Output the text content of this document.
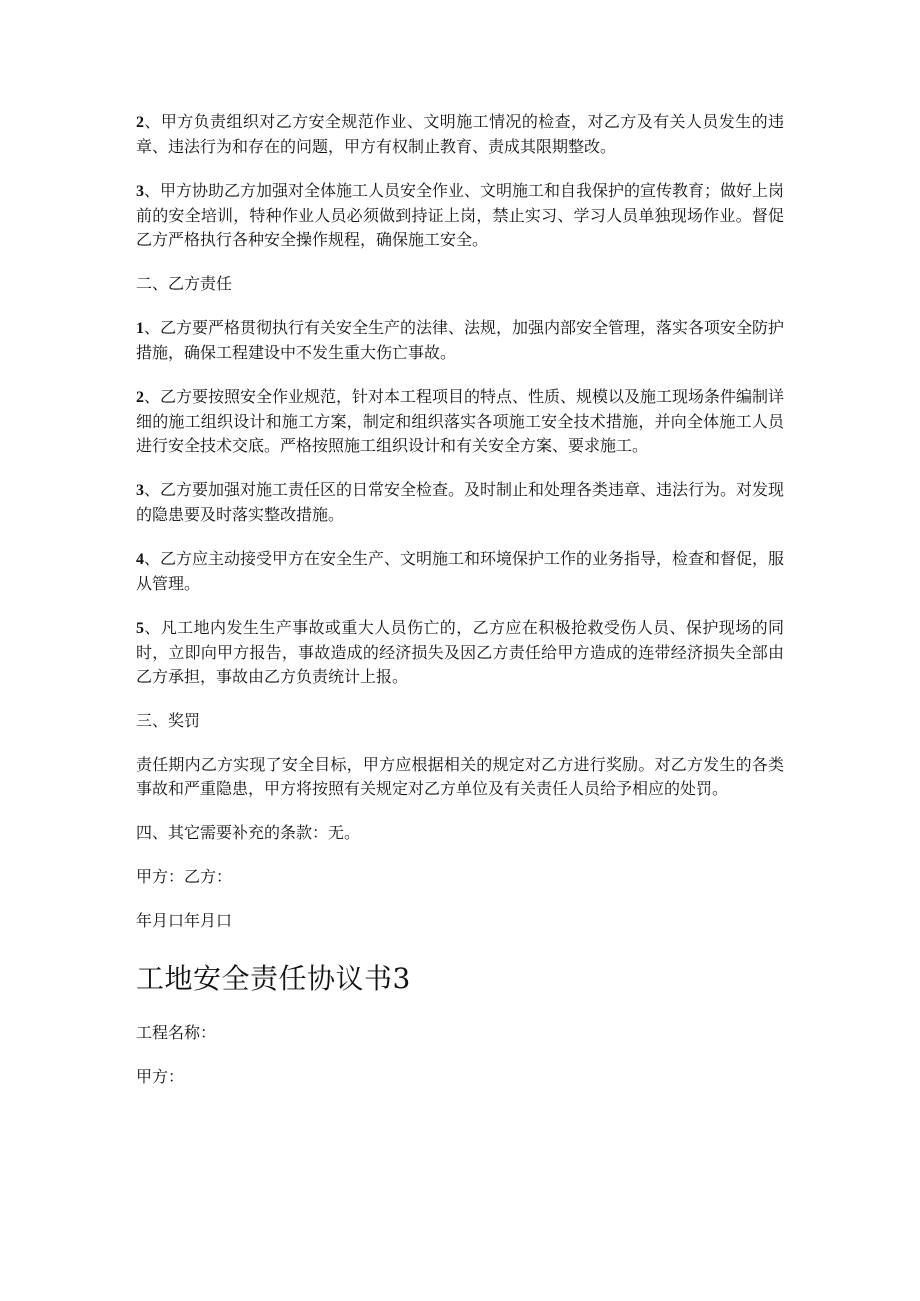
2、甲方负责组织对乙方安全规范作业、文明施工情况的检查，对乙方及有关人员发生的违章、违法行为和存在的问题，甲方有权制止教育、责成其限期整改。

3、甲方协助乙方加强对全体施工人员安全作业、文明施工和自我保护的宣传教育；做好上岗前的安全培训，特种作业人员必须做到持证上岗，禁止实习、学习人员单独现场作业。督促乙方严格执行各种安全操作规程，确保施工安全。

二、乙方责任

1、乙方要严格贯彻执行有关安全生产的法律、法规，加强内部安全管理，落实各项安全防护措施，确保工程建设中不发生重大伤亡事故。

2、乙方要按照安全作业规范，针对本工程项目的特点、性质、规模以及施工现场条件编制详细的施工组织设计和施工方案，制定和组织落实各项施工安全技术措施，并向全体施工人员进行安全技术交底。严格按照施工组织设计和有关安全方案、要求施工。

3、乙方要加强对施工责任区的日常安全检查。及时制止和处理各类违章、违法行为。对发现的隐患要及时落实整改措施。

4、乙方应主动接受甲方在安全生产、文明施工和环境保护工作的业务指导，检查和督促，服从管理。

5、凡工地内发生生产事故或重大人员伤亡的，乙方应在积极抢救受伤人员、保护现场的同时，立即向甲方报告，事故造成的经济损失及因乙方责任给甲方造成的连带经济损失全部由乙方承担，事故由乙方负责统计上报。

三、奖罚

责任期内乙方实现了安全目标，甲方应根据相关的规定对乙方进行奖励。对乙方发生的各类事故和严重隐患，甲方将按照有关规定对乙方单位及有关责任人员给予相应的处罚。

四、其它需要补充的条款：无。

甲方：乙方：

年月口年月口

工地安全责任协议书3

工程名称：

甲方：
